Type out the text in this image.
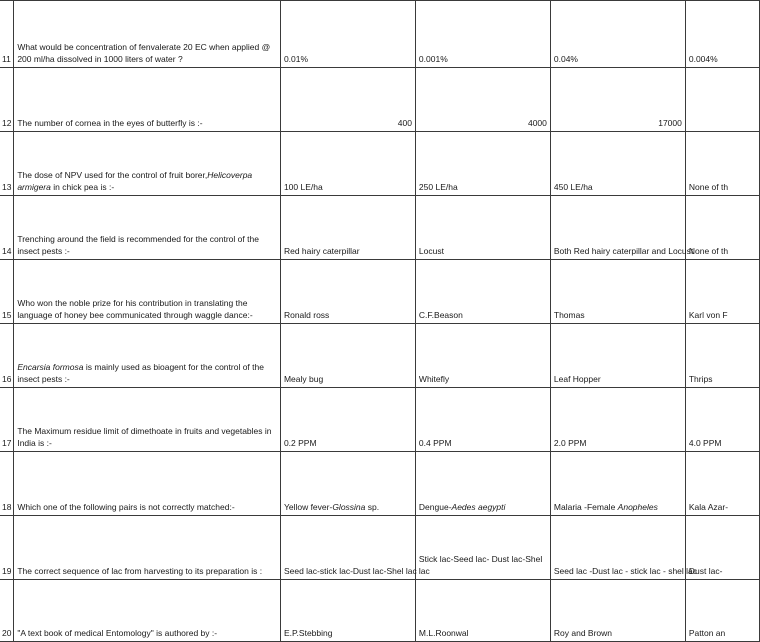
11	What would be concentration of fenvalerate 20 EC when applied @ 200 ml/ha dissolved in 1000 liters of water ?	0.01%	0.001%	0.04%	0.004%
12	The number of cornea in the eyes of butterfly is :-	400	4000	17000	
13	The dose of NPV used for the control of fruit borer,Helicoverpa armigera in chick pea is :-	100 LE/ha	250 LE/ha	450 LE/ha	None of th
14	Trenching around the field is recommended for the control of the insect pests :-	Red hairy caterpillar	Locust	Both Red hairy caterpillar and Locust	None of th
15	Who won the noble prize for his contribution in translating the language of honey bee communicated through waggle dance:-	Ronald ross	C.F.Beason	Thomas	Karl von F
16	Encarsia formosa is mainly used as bioagent for the control of the insect pests :-	Mealy bug	Whitefly	Leaf Hopper	Thrips
17	The Maximum residue limit of dimethoate in fruits and vegetables in India is :-	0.2 PPM	0.4 PPM	2.0 PPM	4.0 PPM
18	Which one of the following pairs is not correctly matched:-	Yellow fever-Glossina sp.	Dengue-Aedes aegypti	Malaria -Female Anopheles	Kala Azar-
19	The correct sequence of lac from harvesting to its preparation is :	Seed lac-stick lac-Dust lac-Shel lac	Stick lac-Seed lac- Dust lac-Shel lac	Seed lac -Dust lac - stick lac - shel lac	Dust lac-
20	"A text book of medical Entomology" is authored by :-	E.P.Stebbing	M.L.Roonwal	Roy and Brown	Patton an
